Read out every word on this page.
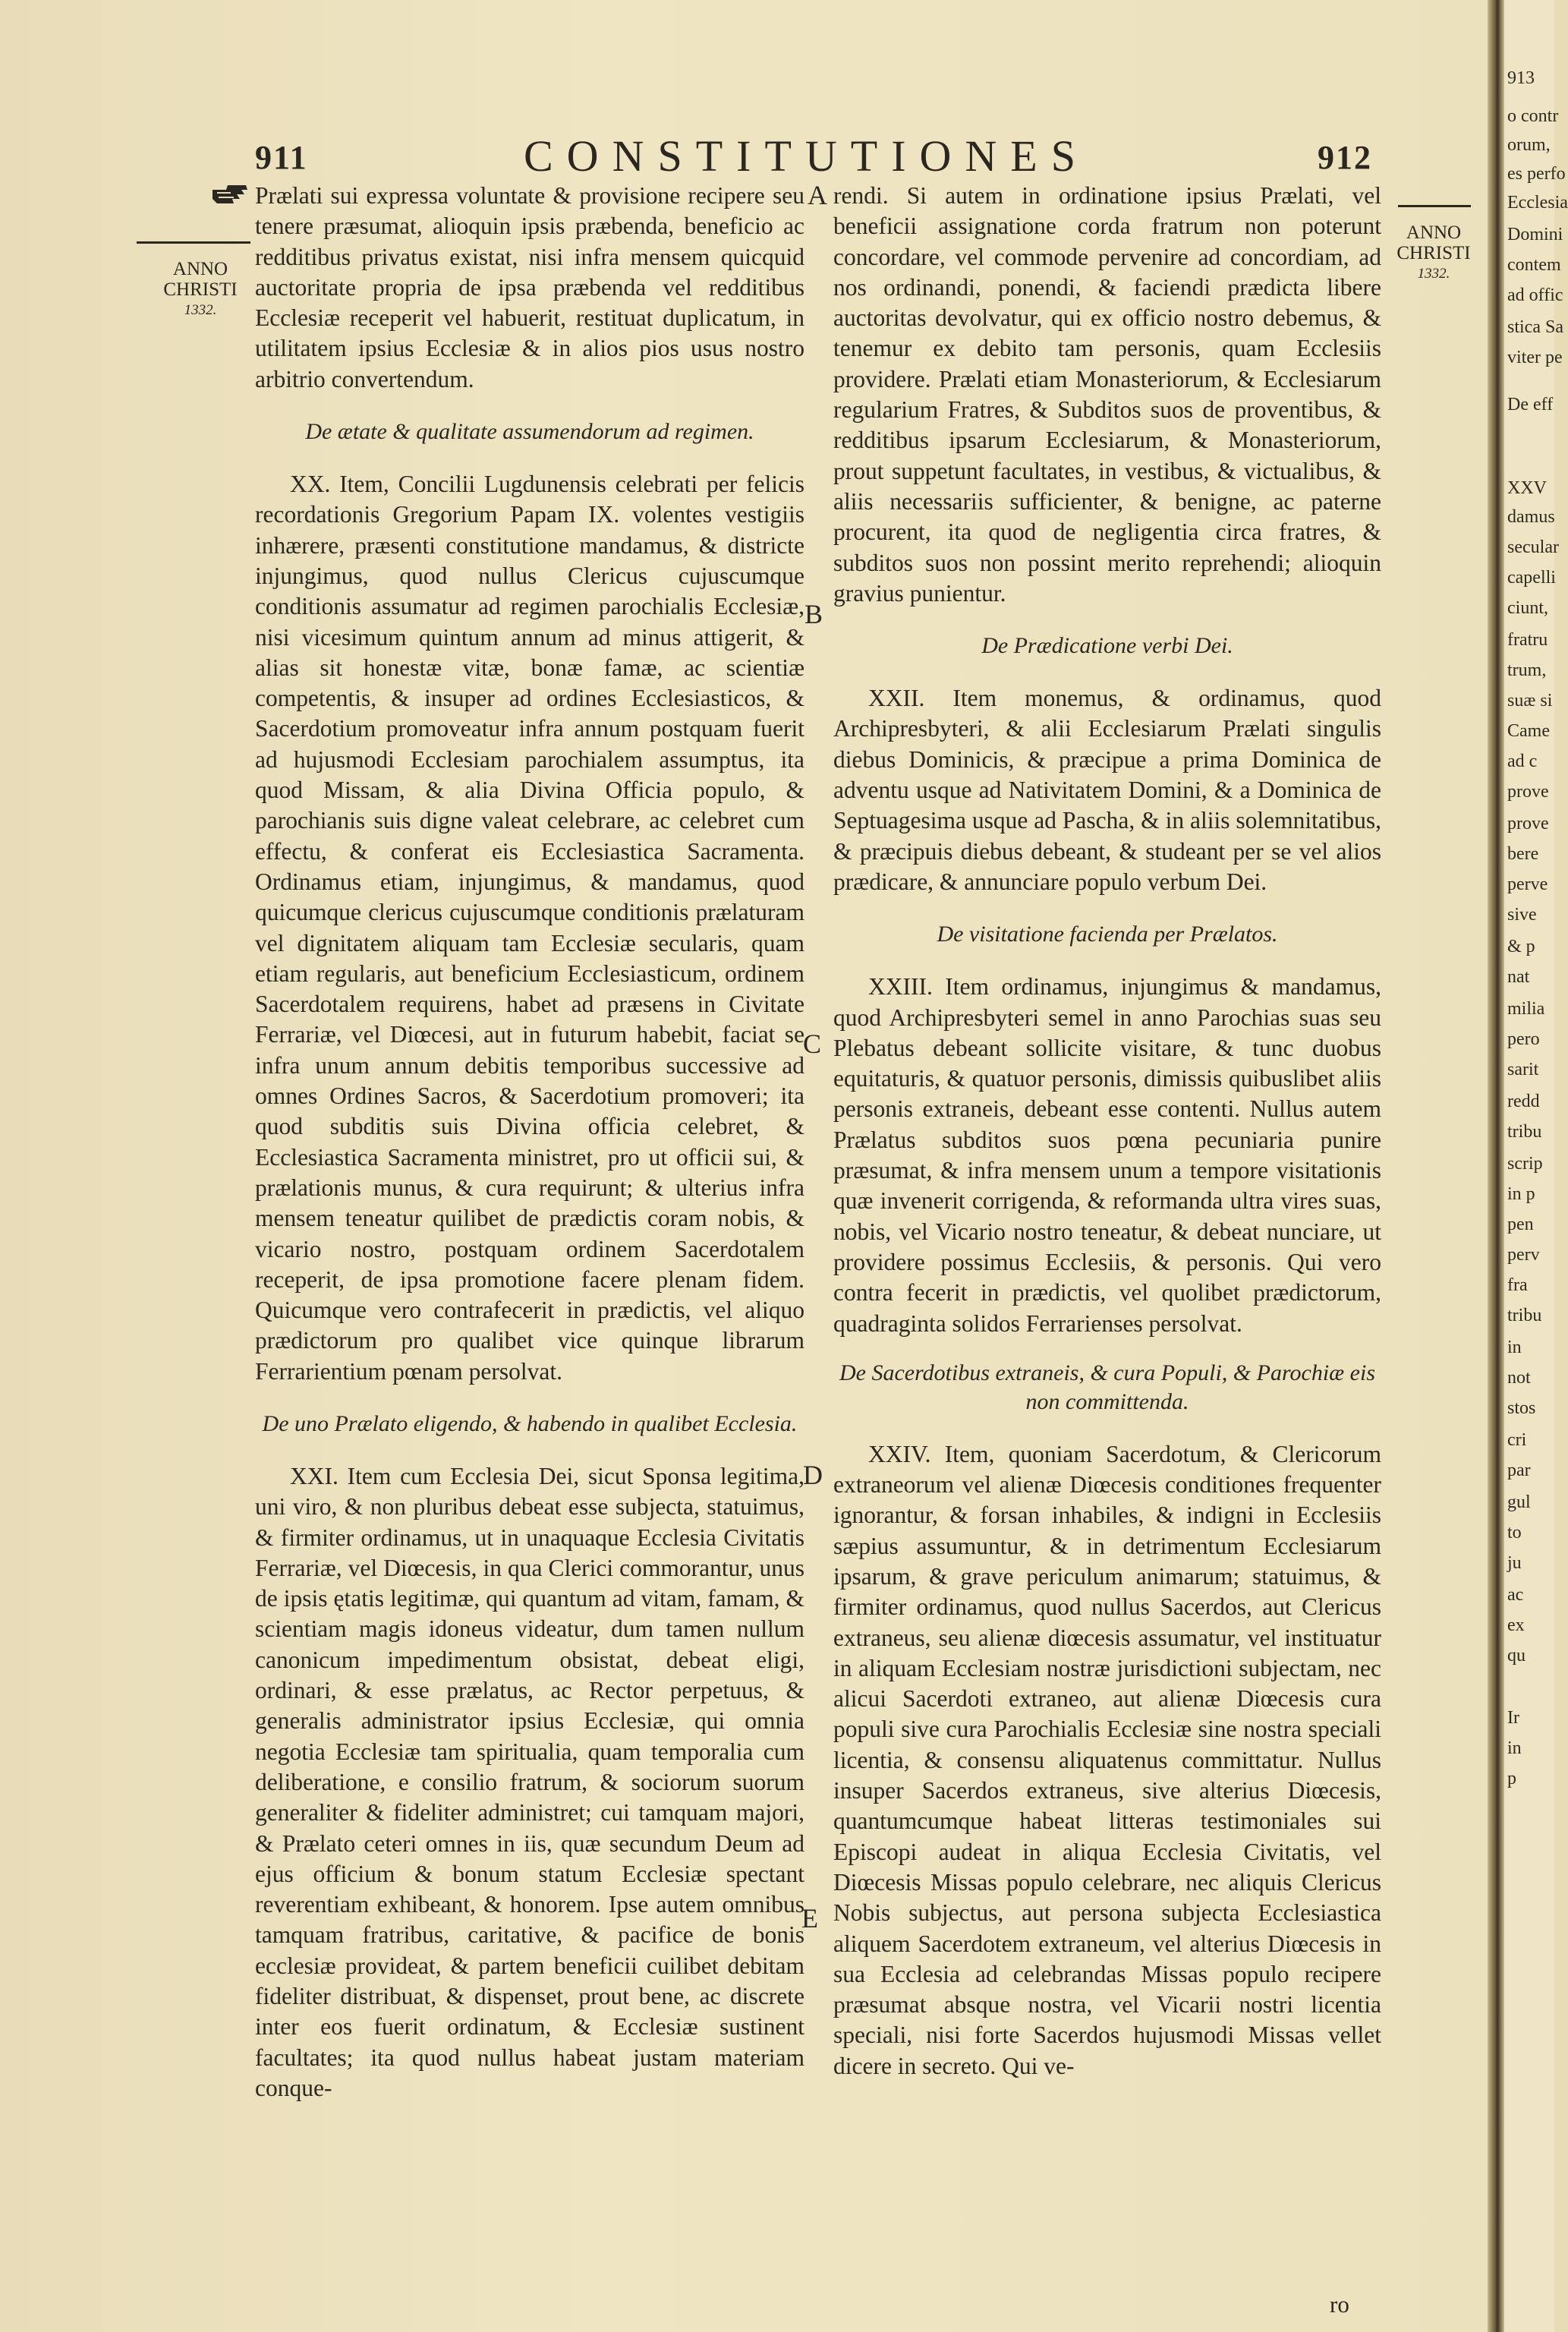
911	CONSTITUTIONES	912
ANNO
CHRISTI
1332.
ANNO
CHRISTI
1332.
A
B
C
D
E

Prælati sui expressa voluntate & provisione recipere seu tenere præsumat, alioquin ipsis præbenda, beneficio ac redditibus privatus existat, nisi infra mensem quicquid auctoritate propria de ipsa præbenda vel redditibus Ecclesiæ receperit vel habuerit, restituat duplicatum, in utilitatem ipsius Ecclesiæ & in alios pios usus nostro arbitrio convertendum.

De ætate & qualitate assumendorum ad regimen.

XX. Item, Concilii Lugdunensis celebrati per felicis recordationis Gregorium Papam IX. volentes vestigiis inhærere, præsenti constitutione mandamus, & districte injungimus, quod nullus Clericus cujuscumque conditionis assumatur ad regimen parochialis Ecclesiæ, nisi vicesimum quintum annum ad minus attigerit, & alias sit honestæ vitæ, bonæ famæ, ac scientiæ competentis, & insuper ad ordines Ecclesiasticos, & Sacerdotium promoveatur infra annum postquam fuerit ad hujusmodi Ecclesiam parochialem assumptus, ita quod Missam, & alia Divina Officia populo, & parochianis suis digne valeat celebrare, ac celebret cum effectu, & conferat eis Ecclesiastica Sacramenta. Ordinamus etiam, injungimus, & mandamus, quod quicumque clericus cujuscumque conditionis prælaturam vel dignitatem aliquam tam Ecclesiæ secularis, quam etiam regularis, aut beneficium Ecclesiasticum, ordinem Sacerdotalem requirens, habet ad præsens in Civitate Ferrariæ, vel Diœcesi, aut in futurum habebit, faciat se infra unum annum debitis temporibus successive ad omnes Ordines Sacros, & Sacerdotium promoveri; ita quod subditis suis Divina officia celebret, & Ecclesiastica Sacramenta ministret, pro ut officii sui, & prælationis munus, & cura requirunt; & ulterius infra mensem teneatur quilibet de prædictis coram nobis, & vicario nostro, postquam ordinem Sacerdotalem receperit, de ipsa promotione facere plenam fidem. Quicumque vero contrafecerit in prædictis, vel aliquo prædictorum pro qualibet vice quinque librarum Ferrarientium pœnam persolvat.

De uno Prælato eligendo, & habendo in qualibet Ecclesia.

XXI. Item cum Ecclesia Dei, sicut Sponsa legitima, uni viro, & non pluribus debeat esse subjecta, statuimus, & firmiter ordinamus, ut in unaquaque Ecclesia Civitatis Ferrariæ, vel Diœcesis, in qua Clerici commorantur, unus de ipsis ętatis legitimæ, qui quantum ad vitam, famam, & scientiam magis idoneus videatur, dum tamen nullum canonicum impedimentum obsistat, debeat eligi, ordinari, & esse prælatus, ac Rector perpetuus, & generalis administrator ipsius Ecclesiæ, qui omnia negotia Ecclesiæ tam spiritualia, quam temporalia cum deliberatione, e consilio fratrum, & sociorum suorum generaliter & fideliter administret; cui tamquam majori, & Prælato ceteri omnes in iis, quæ secundum Deum ad ejus officium & bonum statum Ecclesiæ spectant reverentiam exhibeant, & honorem. Ipse autem omnibus tamquam fratribus, caritative, & pacifice de bonis ecclesiæ provideat, & partem beneficii cuilibet debitam fideliter distribuat, & dispenset, prout bene, ac discrete inter eos fuerit ordinatum, & Ecclesiæ sustinent facultates; ita quod nullus habeat justam materiam conque-

rendi. Si autem in ordinatione ipsius Prælati, vel beneficii assignatione corda fratrum non poterunt concordare, vel commode pervenire ad concordiam, ad nos ordinandi, ponendi, & faciendi prædicta libere auctoritas devolvatur, qui ex officio nostro debemus, & tenemur ex debito tam personis, quam Ecclesiis providere. Prælati etiam Monasteriorum, & Ecclesiarum regularium Fratres, & Subditos suos de proventibus, & redditibus ipsarum Ecclesiarum, & Monasteriorum, prout suppetunt facultates, in vestibus, & victualibus, & aliis necessariis sufficienter, & benigne, ac paterne procurent, ita quod de negligentia circa fratres, & subditos suos non possint merito reprehendi; alioquin gravius punientur.

De Prædicatione verbi Dei.

XXII. Item monemus, & ordinamus, quod Archipresbyteri, & alii Ecclesiarum Prælati singulis diebus Dominicis, & præcipue a prima Dominica de adventu usque ad Nativitatem Domini, & a Dominica de Septuagesima usque ad Pascha, & in aliis solemnitatibus, & præcipuis diebus debeant, & studeant per se vel alios prædicare, & annunciare populo verbum Dei.

De visitatione facienda per Prælatos.

XXIII. Item ordinamus, injungimus & mandamus, quod Archipresbyteri semel in anno Parochias suas seu Plebatus debeant sollicite visitare, & tunc duobus equitaturis, & quatuor personis, dimissis quibuslibet aliis personis extraneis, debeant esse contenti. Nullus autem Prælatus subditos suos pœna pecuniaria punire præsumat, & infra mensem unum a tempore visitationis quæ invenerit corrigenda, & reformanda ultra vires suas, nobis, vel Vicario nostro teneatur, & debeat nunciare, ut providere possimus Ecclesiis, & personis. Qui vero contra fecerit in prædictis, vel quolibet prædictorum, quadraginta solidos Ferrarienses persolvat.

De Sacerdotibus extraneis, & cura Populi, & Parochiæ eis non committenda.

XXIV. Item, quoniam Sacerdotum, & Clericorum extraneorum vel alienæ Diœcesis conditiones frequenter ignorantur, & forsan inhabiles, & indigni in Ecclesiis sæpius assumuntur, & in detrimentum Ecclesiarum ipsarum, & grave periculum animarum; statuimus, & firmiter ordinamus, quod nullus Sacerdos, aut Clericus extraneus, seu alienæ diœcesis assumatur, vel instituatur in aliquam Ecclesiam nostræ jurisdictioni subjectam, nec alicui Sacerdoti extraneo, aut alienæ Diœcesis cura populi sive cura Parochialis Ecclesiæ sine nostra speciali licentia, & consensu aliquatenus committatur. Nullus insuper Sacerdos extraneus, sive alterius Diœcesis, quantumcumque habeat litteras testimoniales sui Episcopi audeat in aliqua Ecclesia Civitatis, vel Diœcesis Missas populo celebrare, nec aliquis Clericus Nobis subjectus, aut persona subjecta Ecclesiastica aliquem Sacerdotem extraneum, vel alterius Diœcesis in sua Ecclesia ad celebrandas Missas populo recipere præsumat absque nostra, vel Vicarii nostri licentia speciali, nisi forte Sacerdos hujusmodi Missas vellet dicere in secreto. Qui ve-

ro
913
o contr
orum,
es perfo
Ecclesia
Domini
contem
ad offic
stica Sa
viter pe
De eff
XXV
damus
secular
capelli
ciunt,
fratru
trum,
suæ si
Came
ad c
prove
prove
bere
perve
sive
& p
nat
milia
pero
sarit
redd
tribu
scrip
in p
pen
perv
fra
tribu
in
not
stos
cri
par
gul
to
ju
ac
ex
qu
Ir
in
p
